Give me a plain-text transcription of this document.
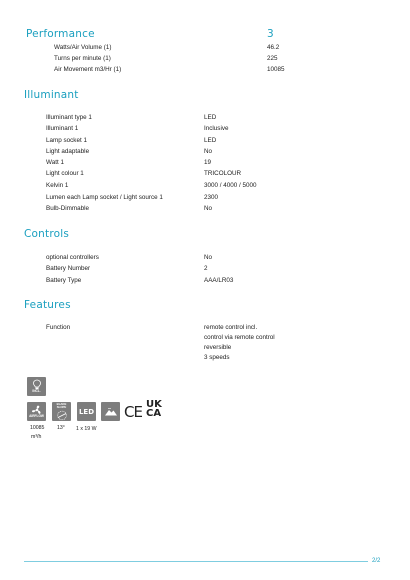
Performance	3
Watts/Air Volume (1)	46.2
Turns per minute (1)	225
Air Movement m3/Hr (1)	10085
Illuminant
Illuminant type 1	LED
Illuminant 1	Inclusive
Lamp socket 1	LED
Light adaptable	No
Watt 1	19
Light colour 1	TRICOLOUR
Kelvin 1	3000 / 4000 / 5000
Lumen each Lamp socket / Light source 1	2300
Bulb-Dimmable	No
Controls
optional controllers	No
Battery Number	2
Battery Type	AAA/LR03
Features
Function	remote control incl.
control via remote control
reversible
3 speeds
INCL.
AIRFLOW
BLADE SLOPE
LED CE UK
CA
10085
m³/h
13° 1 x 19 W
2/2
